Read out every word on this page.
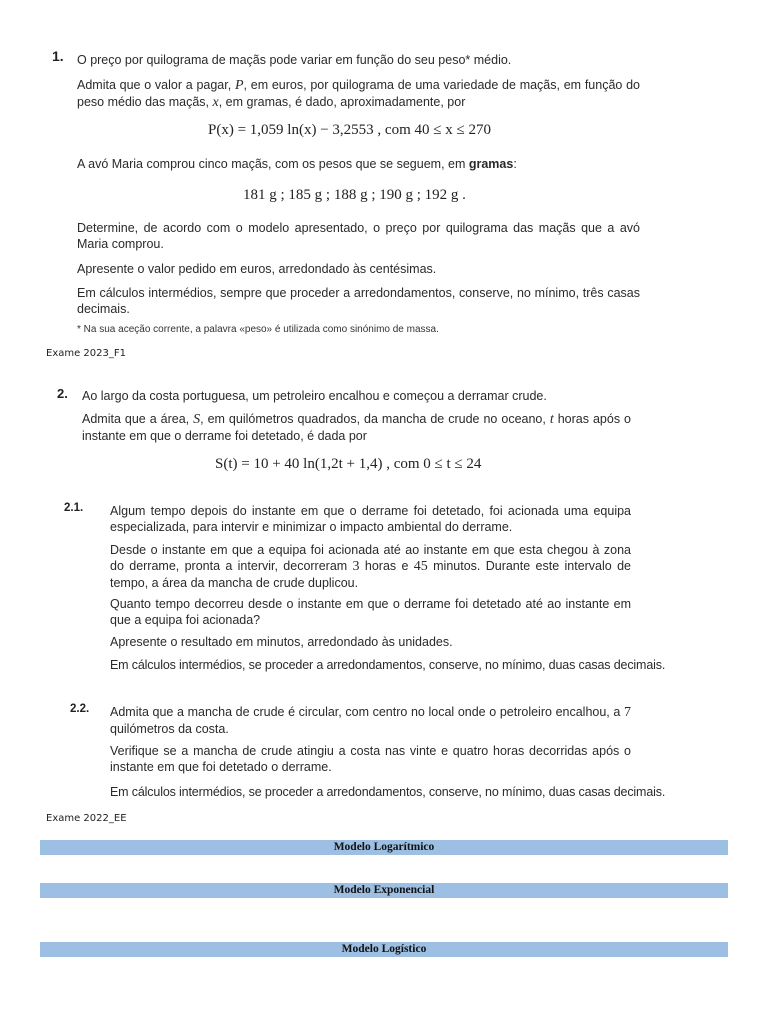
1. O preço por quilograma de maçãs pode variar em função do seu peso* médio.

Admita que o valor a pagar, P, em euros, por quilograma de uma variedade de maçãs, em função do peso médio das maçãs, x, em gramas, é dado, aproximadamente, por

P(x) = 1,059 ln(x) − 3,2553 , com 40 ≤ x ≤ 270

A avó Maria comprou cinco maçãs, com os pesos que se seguem, em gramas:

181 g ; 185 g ; 188 g ; 190 g ; 192 g .

Determine, de acordo com o modelo apresentado, o preço por quilograma das maçãs que a avó Maria comprou.

Apresente o valor pedido em euros, arredondado às centésimas.

Em cálculos intermédios, sempre que proceder a arredondamentos, conserve, no mínimo, três casas decimais.

* Na sua aceção corrente, a palavra «peso» é utilizada como sinónimo de massa.
Exame 2023_F1
2. Ao largo da costa portuguesa, um petroleiro encalhou e começou a derramar crude.

Admita que a área, S, em quilómetros quadrados, da mancha de crude no oceano, t horas após o instante em que o derrame foi detetado, é dada por

S(t) = 10 + 40 ln(1,2t + 1,4) , com 0 ≤ t ≤ 24
2.1. Algum tempo depois do instante em que o derrame foi detetado, foi acionada uma equipa especializada, para intervir e minimizar o impacto ambiental do derrame.

Desde o instante em que a equipa foi acionada até ao instante em que esta chegou à zona do derrame, pronta a intervir, decorreram 3 horas e 45 minutos. Durante este intervalo de tempo, a área da mancha de crude duplicou.

Quanto tempo decorreu desde o instante em que o derrame foi detetado até ao instante em que a equipa foi acionada?

Apresente o resultado em minutos, arredondado às unidades.

Em cálculos intermédios, se proceder a arredondamentos, conserve, no mínimo, duas casas decimais.

2.2. Admita que a mancha de crude é circular, com centro no local onde o petroleiro encalhou, a 7 quilómetros da costa.

Verifique se a mancha de crude atingiu a costa nas vinte e quatro horas decorridas após o instante em que foi detetado o derrame.

Em cálculos intermédios, se proceder a arredondamentos, conserve, no mínimo, duas casas decimais.

Exame 2022_EE
Modelo Logarítmico
Modelo Exponencial
Modelo Logístico
